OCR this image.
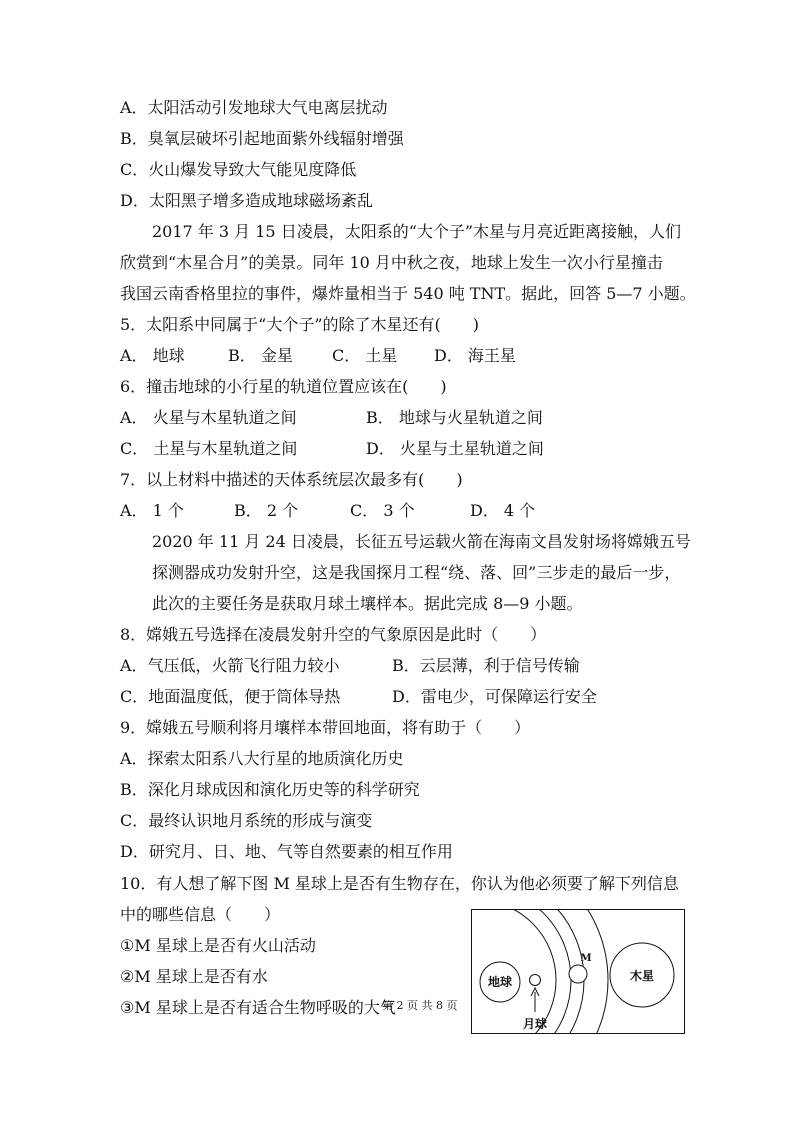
A．太阳活动引发地球大气电离层扰动
B．臭氧层破坏引起地面紫外线辐射增强
C．火山爆发导致大气能见度降低
D．太阳黑子增多造成地球磁场紊乱
2017 年 3 月 15 日凌晨，太阳系的“大个子”木星与月亮近距离接触，人们
欣赏到“木星合月”的美景。同年 10 月中秋之夜，地球上发生一次小行星撞击
我国云南香格里拉的事件，爆炸量相当于 540 吨 TNT。据此，回答 5—7 小题。
5．太阳系中同属于“大个子”的除了木星还有(　　)
A． 地球	B． 金星 C． 土星 D． 海王星
6．撞击地球的小行星的轨道位置应该在(　　)
A． 火星与木星轨道之间	B． 地球与火星轨道之间
C． 土星与木星轨道之间	D． 火星与土星轨道之间
7．以上材料中描述的天体系统层次最多有(　　)
A． 1 个	B． 2 个	C． 3 个	D． 4 个
2020 年 11 月 24 日凌晨，长征五号运载火箭在海南文昌发射场将嫦娥五号
探测器成功发射升空，这是我国探月工程“绕、落、回”三步走的最后一步，
此次的主要任务是获取月球土壤样本。据此完成 8—9 小题。
8．嫦娥五号选择在凌晨发射升空的气象原因是此时（　　）
A．气压低，火箭飞行阻力较小	B．云层薄，利于信号传输
C．地面温度低，便于筒体导热	D．雷电少，可保障运行安全
9．嫦娥五号顺利将月壤样本带回地面，将有助于（　　）
A．探索太阳系八大行星的地质演化历史
B．深化月球成因和演化历史等的科学研究
C．最终认识地月系统的形成与演变
D．研究月、日、地、气等自然要素的相互作用
10．有人想了解下图 M 星球上是否有生物存在，你认为他必须要了解下列信息
中的哪些信息（　　）
①M 星球上是否有火山活动
②M 星球上是否有水
③M 星球上是否有适合生物呼吸的大气
地球
月球
M
木星
第 2 页 共 8 页
